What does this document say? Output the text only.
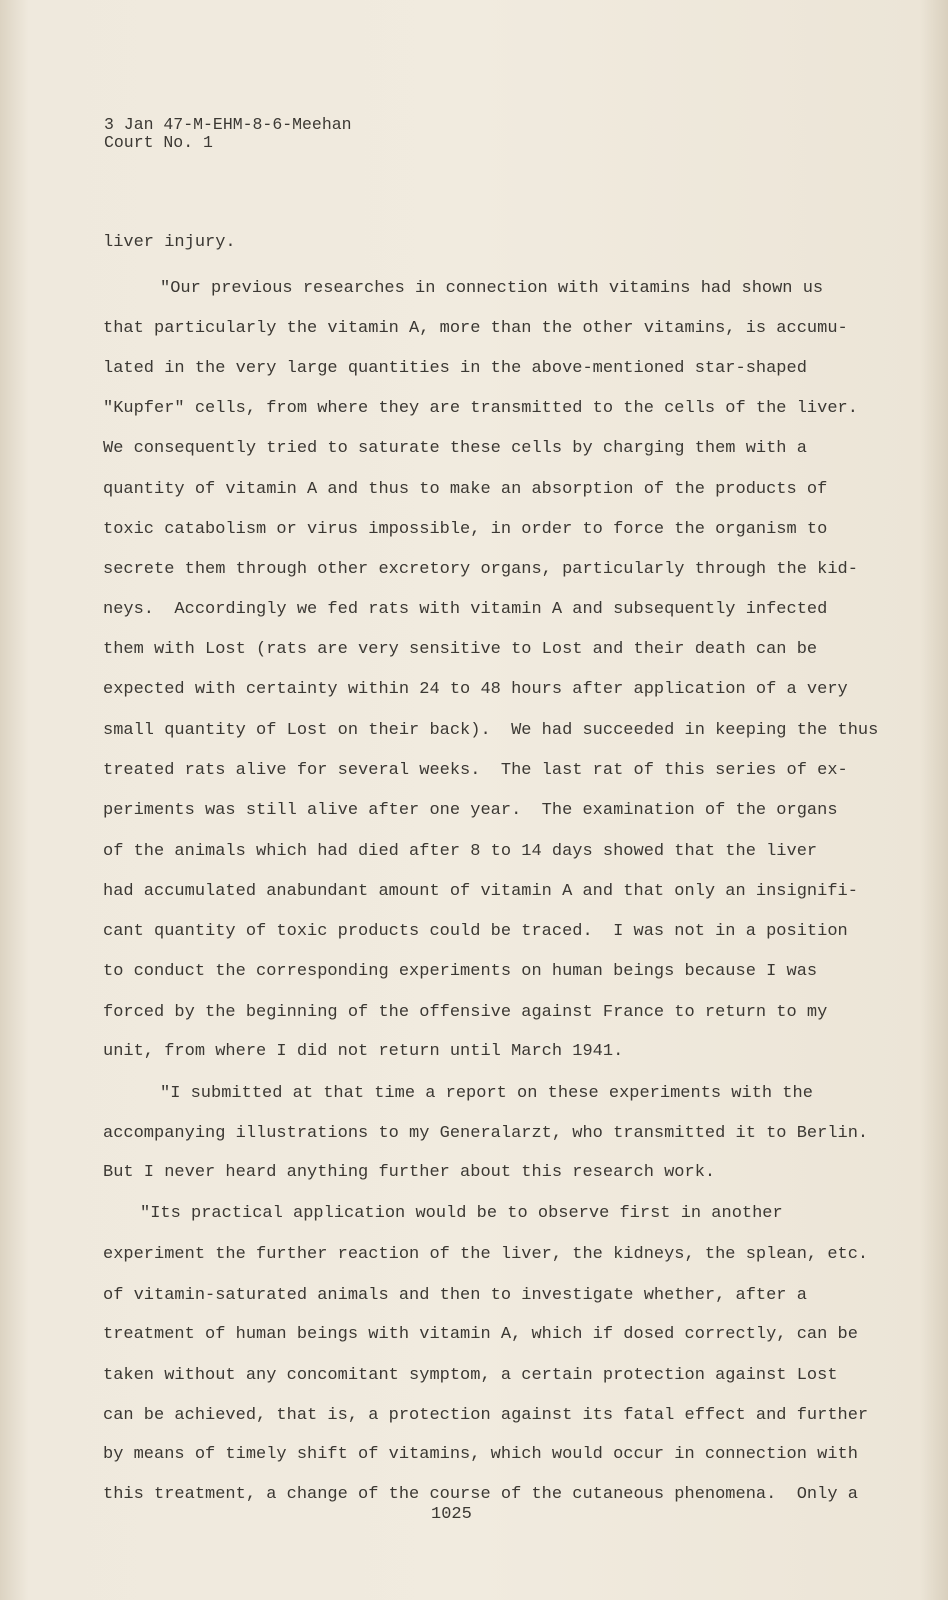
3 Jan 47-M-EHM-8-6-Meehan
Court No. 1
liver injury.
"Our previous researches in connection with vitamins had shown us
that particularly the vitamin A, more than the other vitamins, is accumu-
lated in the very large quantities in the above-mentioned star-shaped
"Kupfer" cells, from where they are transmitted to the cells of the liver.
We consequently tried to saturate these cells by charging them with a
quantity of vitamin A and thus to make an absorption of the products of
toxic catabolism or virus impossible, in order to force the organism to
secrete them through other excretory organs, particularly through the kid-
neys.  Accordingly we fed rats with vitamin A and subsequently infected
them with Lost (rats are very sensitive to Lost and their death can be
expected with certainty within 24 to 48 hours after application of a very
small quantity of Lost on their back).  We had succeeded in keeping the thus
treated rats alive for several weeks.  The last rat of this series of ex-
periments was still alive after one year.  The examination of the organs
of the animals which had died after 8 to 14 days showed that the liver
had accumulated anabundant amount of vitamin A and that only an insignifi-
cant quantity of toxic products could be traced.  I was not in a position
to conduct the corresponding experiments on human beings because I was
forced by the beginning of the offensive against France to return to my
unit, from where I did not return until March 1941.
"I submitted at that time a report on these experiments with the
accompanying illustrations to my Generalarzt, who transmitted it to Berlin.
But I never heard anything further about this research work.
"Its practical application would be to observe first in another
experiment the further reaction of the liver, the kidneys, the splean, etc.
of vitamin-saturated animals and then to investigate whether, after a
treatment of human beings with vitamin A, which if dosed correctly, can be
taken without any concomitant symptom, a certain protection against Lost
can be achieved, that is, a protection against its fatal effect and further
by means of timely shift of vitamins, which would occur in connection with
this treatment, a change of the course of the cutaneous phenomena.  Only a
1025
